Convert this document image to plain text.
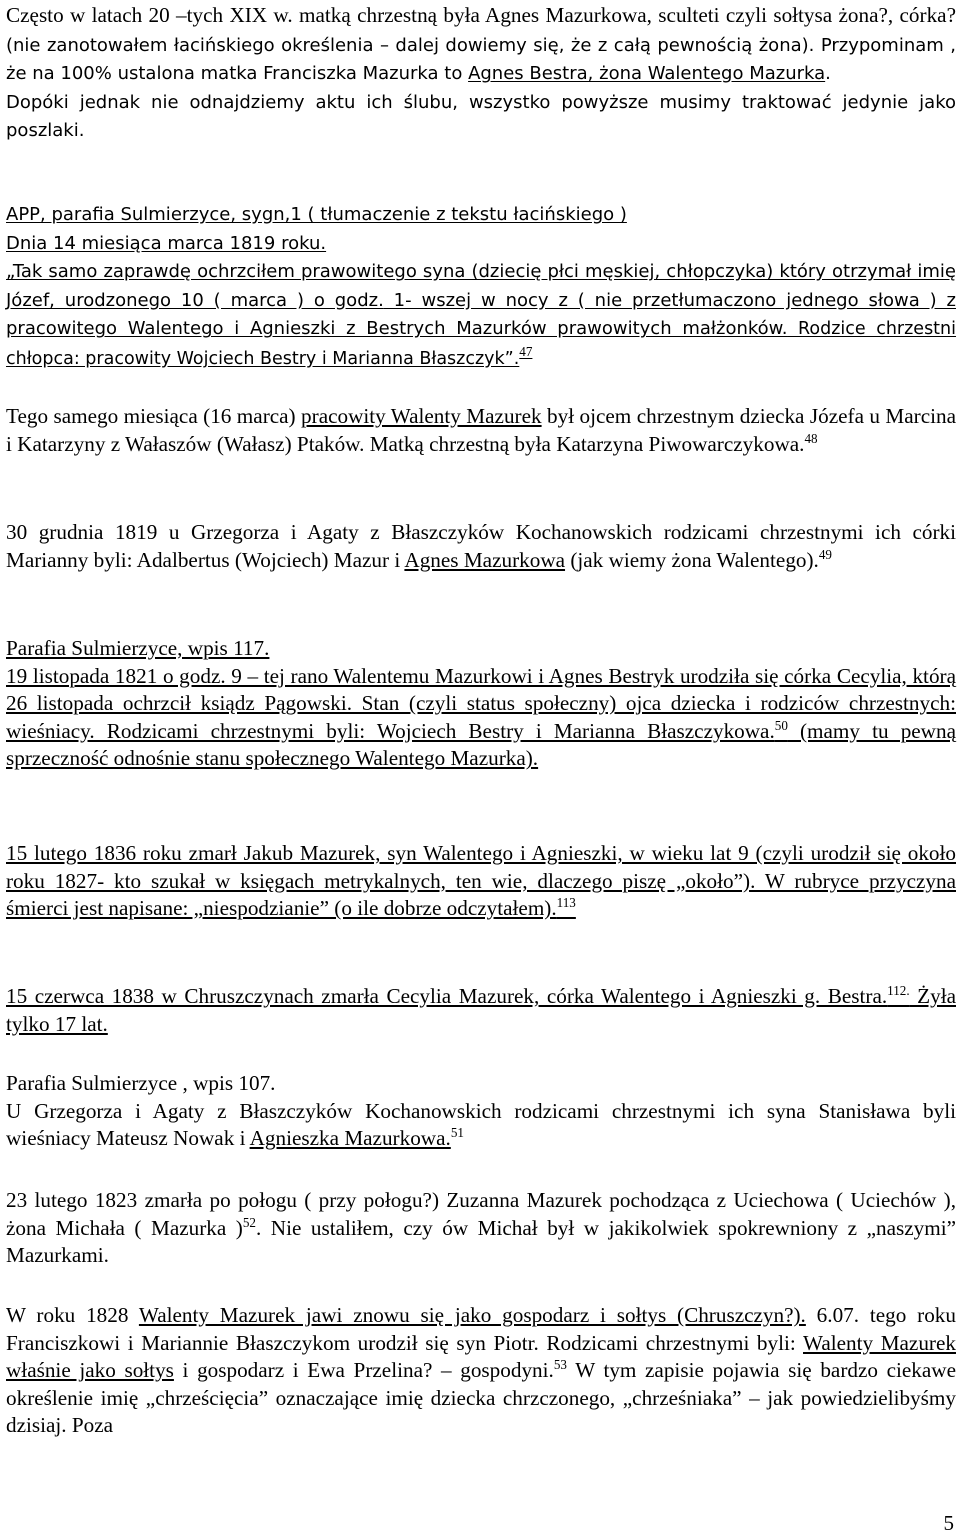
Często w latach 20 –tych XIX w. matką chrzestną była Agnes Mazurkowa, sculteti czyli sołtysa żona?, córka? (nie zanotowałem łacińskiego określenia – dalej dowiemy się, że z całą pewnością żona). Przypominam , że na 100% ustalona matka Franciszka Mazurka to Agnes Bestra, żona Walentego Mazurka.
Dopóki jednak nie odnajdziemy aktu ich ślubu, wszystko powyższe musimy traktować jedynie jako poszlaki.

APP, parafia Sulmierzyce, sygn,1 ( tłumaczenie z tekstu łacińskiego )
Dnia 14 miesiąca marca 1819 roku.
„Tak samo zaprawdę ochrzciłem prawowitego syna (dziecię płci męskiej, chłopczyka) który otrzymał imię Józef, urodzonego 10 ( marca ) o godz. 1- wszej w nocy z ( nie przetłumaczono jednego słowa ) z pracowitego Walentego i Agnieszki z Bestrych Mazurków prawowitych małżonków. Rodzice chrzestni chłopca: pracowity Wojciech Bestry i Marianna Błaszczyk”.$^{47}$

Tego samego miesiąca (16 marca) pracowity Walenty Mazurek był ojcem chrzestnym dziecka Józefa u Marcina i Katarzyny z Wałaszów (Wałasz) Ptaków. Matką chrzestną była Katarzyna Piwowarczykowa.$^{48}$

30 grudnia 1819 u Grzegorza i Agaty z Błaszczyków Kochanowskich rodzicami chrzestnymi ich córki Marianny byli: Adalbertus (Wojciech) Mazur i Agnes Mazurkowa (jak wiemy żona Walentego).$^{49}$

Parafia Sulmierzyce, wpis 117.
19 listopada 1821 o godz. 9 – tej rano Walentemu Mazurkowi i Agnes Bestryk urodziła się córka Cecylia, którą 26 listopada ochrzcił ksiądz Pągowski. Stan (czyli status społeczny) ojca dziecka i rodziców chrzestnych: wieśniacy. Rodzicami chrzestnymi byli: Wojciech Bestry i Marianna Błaszczykowa.$^{50}$ (mamy tu pewną sprzeczność odnośnie stanu społecznego Walentego Mazurka).

15 lutego 1836 roku zmarł Jakub Mazurek, syn Walentego i Agnieszki, w wieku lat 9 (czyli urodził się około roku 1827- kto szukał w księgach metrykalnych, ten wie, dlaczego piszę „około”). W rubryce przyczyna śmierci jest napisane: „niespodzianie” (o ile dobrze odczytałem).$^{113}$

15 czerwca 1838 w Chruszczynach zmarła Cecylia Mazurek, córka Walentego i Agnieszki g. Bestra.$^{112.}$ Żyła tylko 17 lat.

Parafia Sulmierzyce , wpis 107.
U Grzegorza i Agaty z Błaszczyków Kochanowskich rodzicami chrzestnymi ich syna Stanisława byli wieśniacy Mateusz Nowak i Agnieszka Mazurkowa.$^{51}$

23 lutego 1823 zmarła po połogu ( przy połogu?) Zuzanna Mazurek pochodząca z Uciechowa ( Uciechów ), żona Michała ( Mazurka )$^{52}$. Nie ustaliłem, czy ów Michał był w jakikolwiek spokrewniony z „naszymi” Mazurkami.

W roku 1828 Walenty Mazurek jawi znowu się jako gospodarz i sołtys (Chruszczyn?). 6.07. tego roku Franciszkowi i Mariannie Błaszczykom urodził się syn Piotr. Rodzicami chrzestnymi byli: Walenty Mazurek właśnie jako sołtys i gospodarz i Ewa Przelina? – gospodyni.$^{53}$ W tym zapisie pojawia się bardzo ciekawe określenie imię „chrześcięcia” oznaczające imię dziecka chrzczonego, „chrześniaka” – jak powiedzielibyśmy dzisiaj. Poza

5
